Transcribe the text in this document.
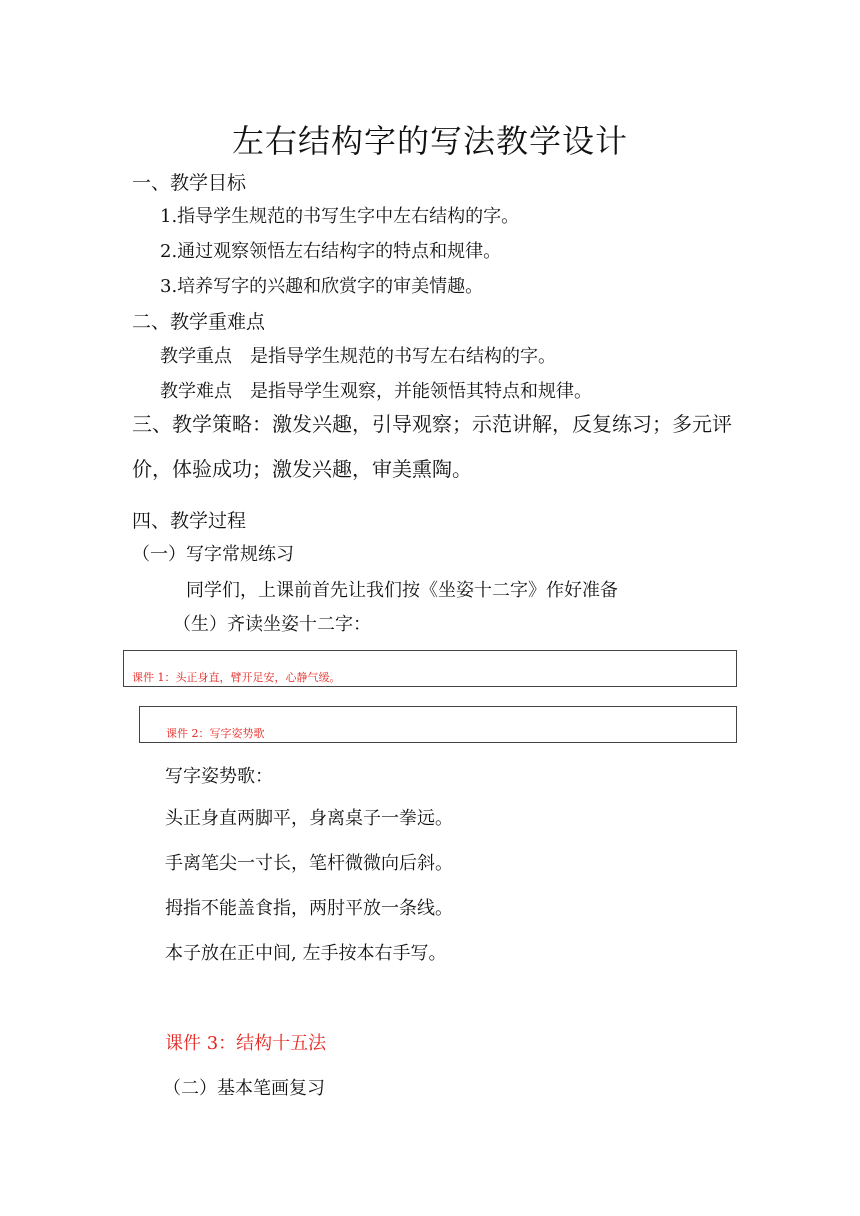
左右结构字的写法教学设计
一、教学目标
1.指导学生规范的书写生字中左右结构的字。
2.通过观察领悟左右结构字的特点和规律。
3.培养写字的兴趣和欣赏字的审美情趣。
二、教学重难点
教学重点　是指导学生规范的书写左右结构的字。
教学难点　是指导学生观察，并能领悟其特点和规律。
三、教学策略：激发兴趣，引导观察；示范讲解，反复练习；多元评价，体验成功；激发兴趣，审美熏陶。
四、教学过程
（一）写字常规练习
同学们，上课前首先让我们按《坐姿十二字》作好准备
（生）齐读坐姿十二字：
课件 1：头正身直，臂开足安，心静气缓。
课件 2：写字姿势歌
写字姿势歌：
头正身直两脚平，身离桌子一拳远。
手离笔尖一寸长，笔杆微微向后斜。
拇指不能盖食指，两肘平放一条线。
本子放在正中间, 左手按本右手写。
课件 3：结构十五法
（二）基本笔画复习
